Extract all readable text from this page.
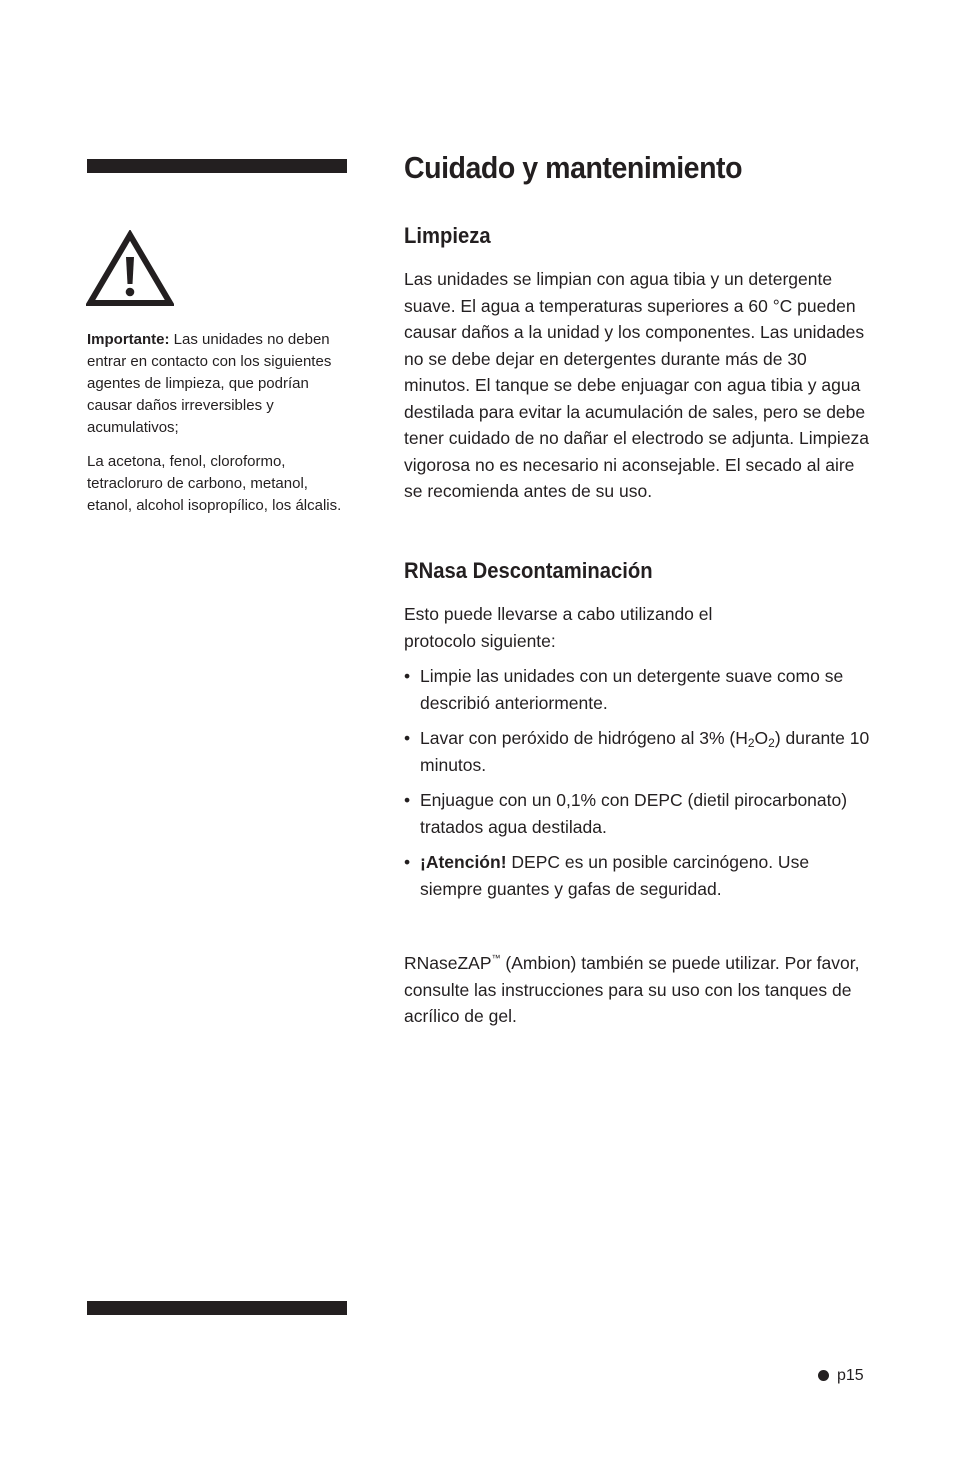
Importante: Las unidades no deben entrar en contacto con los siguientes agentes de limpieza, que podrían causar daños irreversibles y acumulativos;

La acetona, fenol, cloroformo, tetracloruro de carbono, metanol, etanol, alcohol isopropílico, los álcalis.

Cuidado y mantenimiento
Limpieza

Las unidades se limpian con agua tibia y un detergente suave. El agua a temperaturas superiores a 60 °C pueden causar daños a la unidad y los componentes. Las unidades no se debe dejar en detergentes durante más de 30 minutos. El tanque se debe enjuagar con agua tibia y agua destilada para evitar la acumulación de sales, pero se debe tener cuidado de no dañar el electrodo se adjunta. Limpieza vigorosa no es necesario ni aconsejable. El secado al aire se recomienda antes de su uso.

RNasa Descontaminación

Esto puede llevarse a cabo utilizando el protocolo siguiente:

• Limpie las unidades con un detergente suave como se describió anteriormente.
• Lavar con peróxido de hidrógeno al 3% $(H_2O_2)$ durante 10 minutos.
• Enjuague con un 0,1% con DEPC (dietil pirocarbonato) tratados agua destilada.
• ¡Atención! DEPC es un posible carcinógeno. Use siempre guantes y gafas de seguridad.

RNaseZAP™ (Ambion) también se puede utilizar. Por favor, consulte las instrucciones para su uso con los tanques de acrílico de gel.

p15
